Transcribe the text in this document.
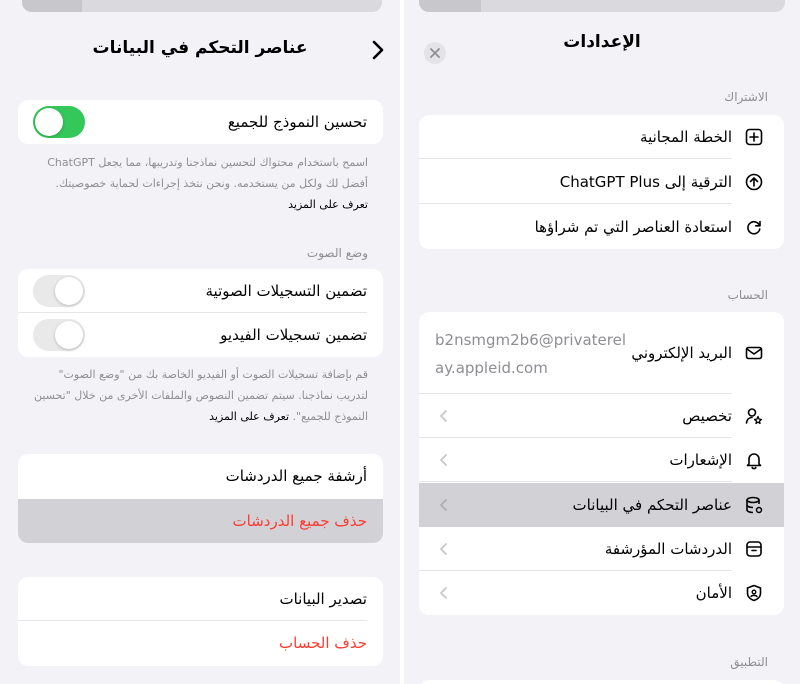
عناصر التحكم في البيانات
تحسين النموذج للجميع
اسمح باستخدام محتواك لتحسين نماذجنا وتدريبها، مما يجعل ChatGPT أفضل لك ولكل من يستخدمه. ونحن نتخذ إجراءات لحماية خصوصيتك. تعرف على المزيد
وضع الصوت
تضمين التسجيلات الصوتية
تضمين تسجيلات الفيديو
قم بإضافة تسجيلات الصوت أو الفيديو الخاصة بك من "وضع الصوت" لتدريب نماذجنا. سيتم تضمين النصوص والملفات الأخرى من خلال "تحسين النموذج للجميع". تعرف على المزيد
أرشفة جميع الدردشات
حذف جميع الدردشات
تصدير البيانات
حذف الحساب
الإعدادات
الاشتراك
الخطة المجانية
الترقية إلى ChatGPT Plus
استعادة العناصر التي تم شراؤها
الحساب
البريد الإلكتروني
b2nsmgm2b6@privaterelay.appleid.com
تخصيص
الإشعارات
عناصر التحكم في البيانات
الدردشات المؤرشفة
الأمان
التطبيق
